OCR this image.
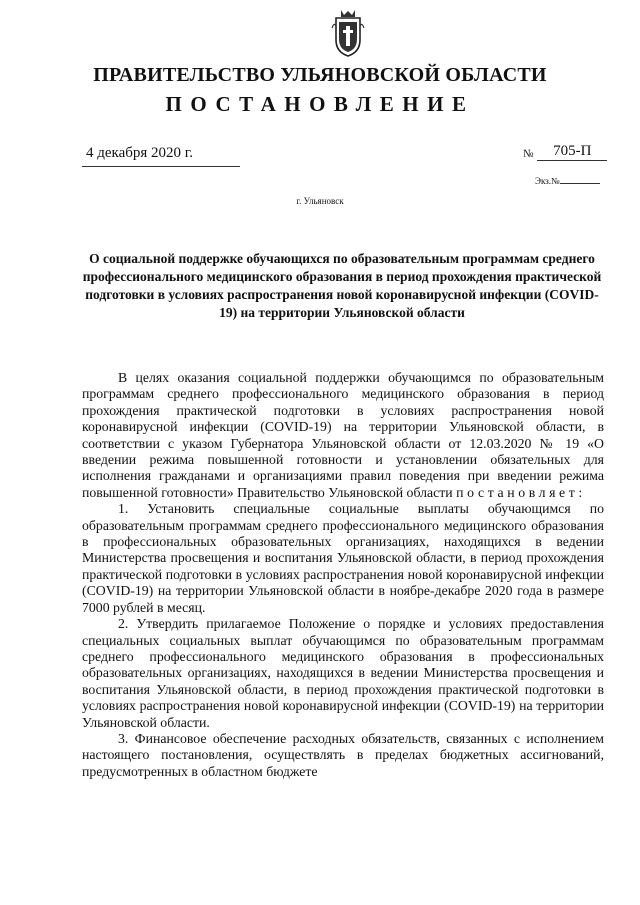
ПРАВИТЕЛЬСТВО УЛЬЯНОВСКОЙ ОБЛАСТИ
ПОСТАНОВЛЕНИЕ
4 декабря 2020 г.	№ 705-П
Экз.№
г. Ульяновск
О социальной поддержке обучающихся по образовательным программам среднего профессионального медицинского образования в период прохождения практической подготовки в условиях распространения новой коронавирусной инфекции (COVID-19) на территории Ульяновской области

В целях оказания социальной поддержки обучающимся по образовательным программам среднего профессионального медицинского образования в период прохождения практической подготовки в условиях распространения новой коронавирусной инфекции (COVID-19) на территории Ульяновской области, в соответствии с указом Губернатора Ульяновской области от 12.03.2020 № 19 «О введении режима повышенной готовности и установлении обязательных для исполнения гражданами и организациями правил поведения при введении режима повышенной готовности» Правительство Ульяновской области постановляет:

1. Установить специальные социальные выплаты обучающимся по образовательным программам среднего профессионального медицинского образования в профессиональных образовательных организациях, находящихся в ведении Министерства просвещения и воспитания Ульяновской области, в период прохождения практической подготовки в условиях распространения новой коронавирусной инфекции (COVID-19) на территории Ульяновской области в ноябре-декабре 2020 года в размере 7000 рублей в месяц.

2. Утвердить прилагаемое Положение о порядке и условиях предоставления специальных социальных выплат обучающимся по образовательным программам среднего профессионального медицинского образования в профессиональных образовательных организациях, находящихся в ведении Министерства просвещения и воспитания Ульяновской области, в период прохождения практической подготовки в условиях распространения новой коронавирусной инфекции (COVID-19) на территории Ульяновской области.

3. Финансовое обеспечение расходных обязательств, связанных с исполнением настоящего постановления, осуществлять в пределах бюджетных ассигнований, предусмотренных в областном бюджете
